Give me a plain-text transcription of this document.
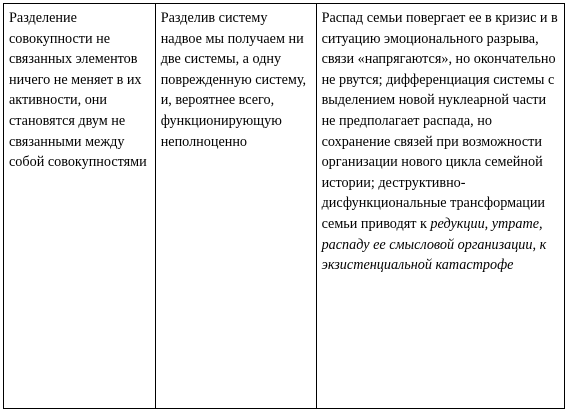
Разделение совокупности не связанных элементов ничего не меняет в их активности, они становятся двум не связанными между собой совокупностями	Разделив систему надвое мы получаем ни две системы, а одну поврежденную систему, и, вероятнее всего, функционирующую неполноценно	Распад семьи повергает ее в кризис и в ситуацию эмоционального разрыва, связи «напрягаются», но окончательно не рвутся; дифференциация системы с выделением новой нуклеарной части не предполагает распада, но сохранение связей при возможности организации нового цикла семейной истории; деструктивно-дисфункциональные трансформации семьи приводят к редукции, утрате, распаду ее смысловой организации, к экзистенциальной катастрофе
